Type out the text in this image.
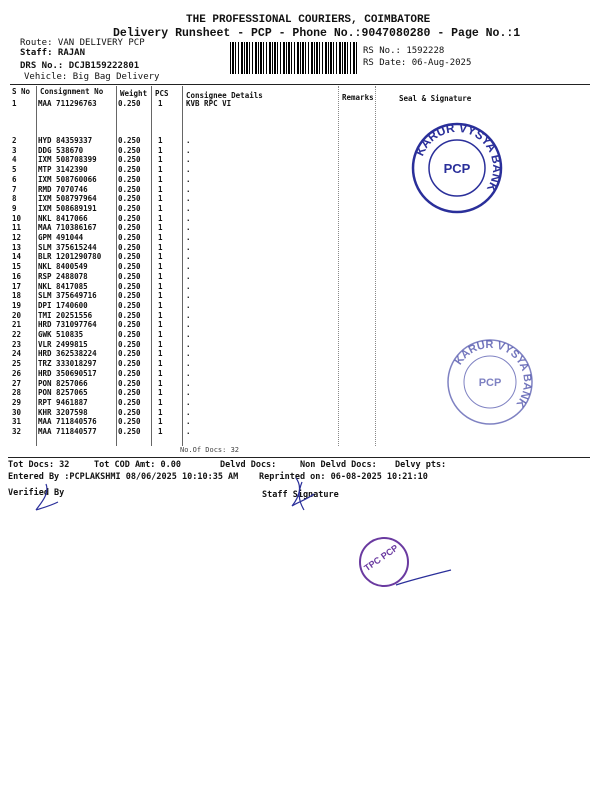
THE PROFESSIONAL COURIERS, COIMBATORE
Delivery Runsheet - PCP - Phone No.:9047080280 - Page No.:1
Route: VAN DELIVERY PCP
Staff: RAJAN
DRS No.: DCJB159222801
Vehicle: Big Bag Delivery
RS No.: 1592228
RS Date: 06-Aug-2025
S No Consignment No Weight PCS Consignee Details	Remarks	Seal & Signature
1	MAA 711296763	0.250 1	KVB RPC VI
2	HYD 84359337	0.250 1	.
3	DDG 538670	0.250 1	.
4	IXM 508708399	0.250 1	.
5	MTP 3142390	0.250 1	.
6	IXM 508760066	0.250 1	.
7	RMD 7070746	0.250 1	.
8	IXM 508797964	0.250 1	.
9	IXM 508689191	0.250 1	.
10 NKL 8417066	0.250 1	.
11 MAA 710386167	0.250 1	.
12 GPM 491044	0.250 1	.
13 SLM 375615244	0.250 1	.
14 BLR 1201290780 0.250 1	.
15 NKL 8400549	0.250 1	.
16 RSP 2488078	0.250 1	.
17 NKL 8417085	0.250 1	.
18 SLM 375649716	0.250 1	.
19 DPI 1740600	0.250 1	.
20 TMI 20251556	0.250 1	.
21 HRD 731097764	0.250 1	.
22 GWK 510835	0.250 1	.
23 VLR 2499815	0.250 1	.
24 HRD 362538224	0.250 1	.
25 TRZ 333018297	0.250 1	.
26 HRD 350690517	0.250 1	.
27 PON 8257066	0.250 1	.
28 PON 8257065	0.250 1	.
29 RPT 9461887	0.250 1	.
30 KHR 3207598	0.250 1	.
31 MAA 711840576	0.250 1	.
32 MAA 711840577	0.250 1	.
No.Of Docs: 32
Tot Docs: 32	Tot COD Amt: 0.00	Delvd Docs:	Non Delvd Docs: Delvy pts:
Entered By :PCPLAKSHMI 08/06/2025 10:10:35 AM Reprinted on: 06-08-2025 10:21:10
Verified By	Staff Signature
KARUR VYSYA BANK
PCP
KARUR VYSYA BANK
PCP
TPC PCP
